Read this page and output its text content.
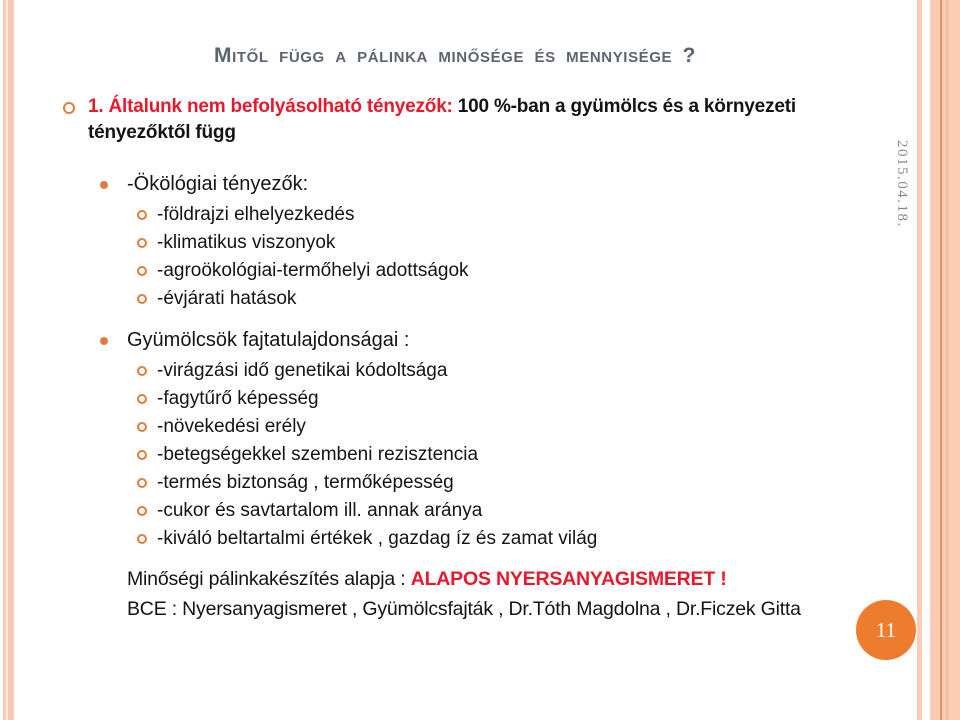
Mitől függ a pálinka minősége és mennyisége ?
1. Általunk nem befolyásolható tényezők: 100 %-ban a gyümölcs és a környezeti tényezőktől függ
-Ökölógiai tényezők:
-földrajzi elhelyezkedés
-klimatikus viszonyok
-agroökológiai-termőhelyi adottságok
-évjárati hatások
Gyümölcsök fajtatulajdonságai :
-virágzási idő genetikai kódoltsága
-fagytűrő képesség
-növekedési erély
-betegségekkel szembeni rezisztencia
-termés biztonság , termőképesség
-cukor és savtartalom ill. annak aránya
-kiváló beltartalmi értékek , gazdag íz és zamat világ
Minőségi pálinkakészítés alapja : ALAPOS NYERSANYAGISMERET !
BCE : Nyersanyagismeret , Gyümölcsfajták , Dr.Tóth Magdolna , Dr.Ficzek Gitta
2015.04.18.
11
